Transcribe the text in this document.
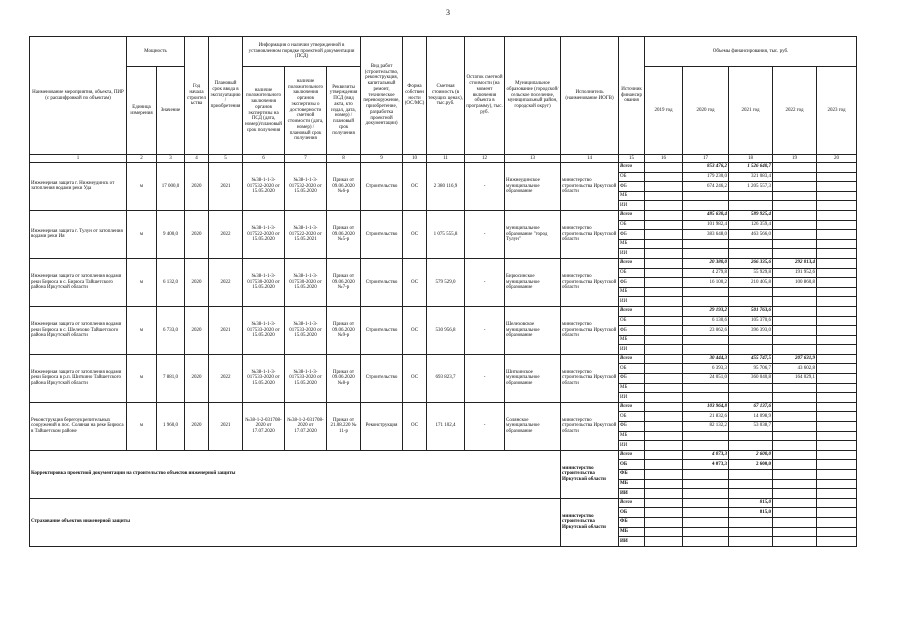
3
Наименование мероприятия, объекта, ПИР (с расшифровкой по объектам)	Мощность		Год начала строительства	Плановый срок ввода в эксплуатацию/приобретения	Информация о наличии утвержденной в установленном порядке проектной документации (ПСД)			Вид работ (строительство, реконструкция, капитальный ремонт, техническое перевооружение, приобретение, разработка проектной документации)	Форма собственности (ОС/МС)	Сметная стоимость (в текущих ценах), тыс.руб.	Остаток сметной стоимости (на момент включения объекта в программу), тыс. руб.	Муниципальное образование (городской/сельское поселение, муниципальный район, городской округ)	Исполнитель (наименование ИОГВ)	Источник финансирования	Объемы финансирования, тыс. руб.				
	Единица измерения	Значение			наличие положительного заключения органов экспертизы на ПСД (дата, номер)/плановый срок получения	наличие положительного заключения органов экспертизы о достоверности сметной стоимости (дата, номер) / плановый срок получения	Реквизиты утверждения ПСД (вид акта, кто издал, дата, номер) / плановый срок получения								2019 год	2020 год	2021 год	2022 год	2023 год
1	2	3	4	5	6	7	8	9	10	11	12	13	14	15	16	17	18	19	20
Инженерная защита г. Нижнеудинск от затопления водами реки Уда	м	17 000,0	2020	2021	№38-1-1-3-017532-2020 от 15.05.2020	№38-1-1-3-017532-2020 от 15.05.2020	Приказ от 09.06.2020 №6-р	Строительство	ОС	2 380 116,9	-	Нижнеудинское муниципальное образование	министерство строительства Иркутской области	Всего		853 476,2	1 526 640,7		
														ОБ		179 230,0	321 083,4		
														ФБ		674 246,2	1 205 557,3		
														МБ					
														ИИ					
Инженерная защита г. Тулун от затопления водами реки Ия	м	9 400,0	2020	2022	№38-1-1-3-017522-2020 от 15.05.2020	№38-1-1-3-017522-2020 от 15.05.2021	Приказ от 09.06.2020 №5-р	Строительство	ОС	1 075 555,8	-	муниципальное образование "город Тулун"	министерство строительства Иркутской области	Всего		485 630,4	589 925,4		
														ОБ		101 982,4	126 359,4		
														ФБ		383 648,0	463 566,0		
														МБ					
														ИИ					
Инженерная защита от затопления водами реки Бирюса в с. Бирюса Тайшетского района Иркутской области	м	6 132,0	2020	2022	№38-1-1-3-017530-2020 от 15.05.2020	№38-1-1-3-017530-2020 от 15.05.2020	Приказ от 09.06.2020 №7-р	Строительство	ОС	579 529,0	-	Бирюсинское муниципальное образование	министерство строительства Иркутской области	Всего		20 380,0	266 335,6	292 813,4	
														ОБ		4 279,8	55 929,8	191 952,6	
														ФБ		16 100,2	210 405,8	100 860,8	
														МБ					
														ИИ					
Инженерная защита от затопления водами реки Бирюса в с. Шелехово Тайшетского района Иркутской области	м	6 733,0	2020	2021	№38-1-1-3-017533-2020 от 15.05.2020	№38-1-1-3-017533-2020 от 15.05.2020	Приказ от 09.06.2020 №9-р	Строительство	ОС	530 956,8	-	Шелеховское муниципальное образование	министерство строительства Иркутской области	Всего		29 193,2	501 763,6		
														ОБ		6 130,6	105 370,6		
														ФБ		23 062,6	396 393,0		
														МБ					
														ИИ					
Инженерная защита от затопления водами реки Бирюса в р.п. Шиткино Тайшетского района Иркутской области	м	7 881,0	2020	2022	№38-1-1-3-017533-2020 от 15.05.2020	№38-1-1-3-017533-2020 от 15.05.2020	Приказ от 09.06.2020 №8-р	Строительство	ОС	693 823,7	-	Шиткинское муниципальное образование	министерство строительства Иркутской области	Всего		30 444,3	455 747,5	207 631,9	
														ОБ		6 393,3	95 706,7	43 602,8	
														ФБ		24 051,0	360 040,8	164 029,1	
														МБ					
														ИИ					
Реконструкция берегоукрепительных сооружений в пос. Соляная на реке Бирюса в Тайшетском районе	м	1 960,0	2020	2021	№38-1-2-031708-2020 от 17.07.2020	№38-1-2-031708-2020 от 17.07.2020	Приказ от 21.08.220 № 11-р	Реконструкция	ОС	171 102,4	-	Солянское муниципальное образование	министерство строительства Иркутской области	Всего		103 964,8	67 137,6		
														ОБ		21 832,6	14 098,9		
														ФБ		82 132,2	53 038,7		
														МБ					
														ИИ					
Корректировка проектной документации на строительство объектов инженерной защиты													министерство строительства Иркутской области	Всего		4 073,3	2 600,0		
														ОБ		4 073,3	2 600,0		
														ФБ					
														МБ					
														ИИ					
Страхование объектов инженерной защиты													министерство строительства Иркутской области	Всего			815,0		
														ОБ			815,0		
														ФБ					
														МБ					
														ИИ					
